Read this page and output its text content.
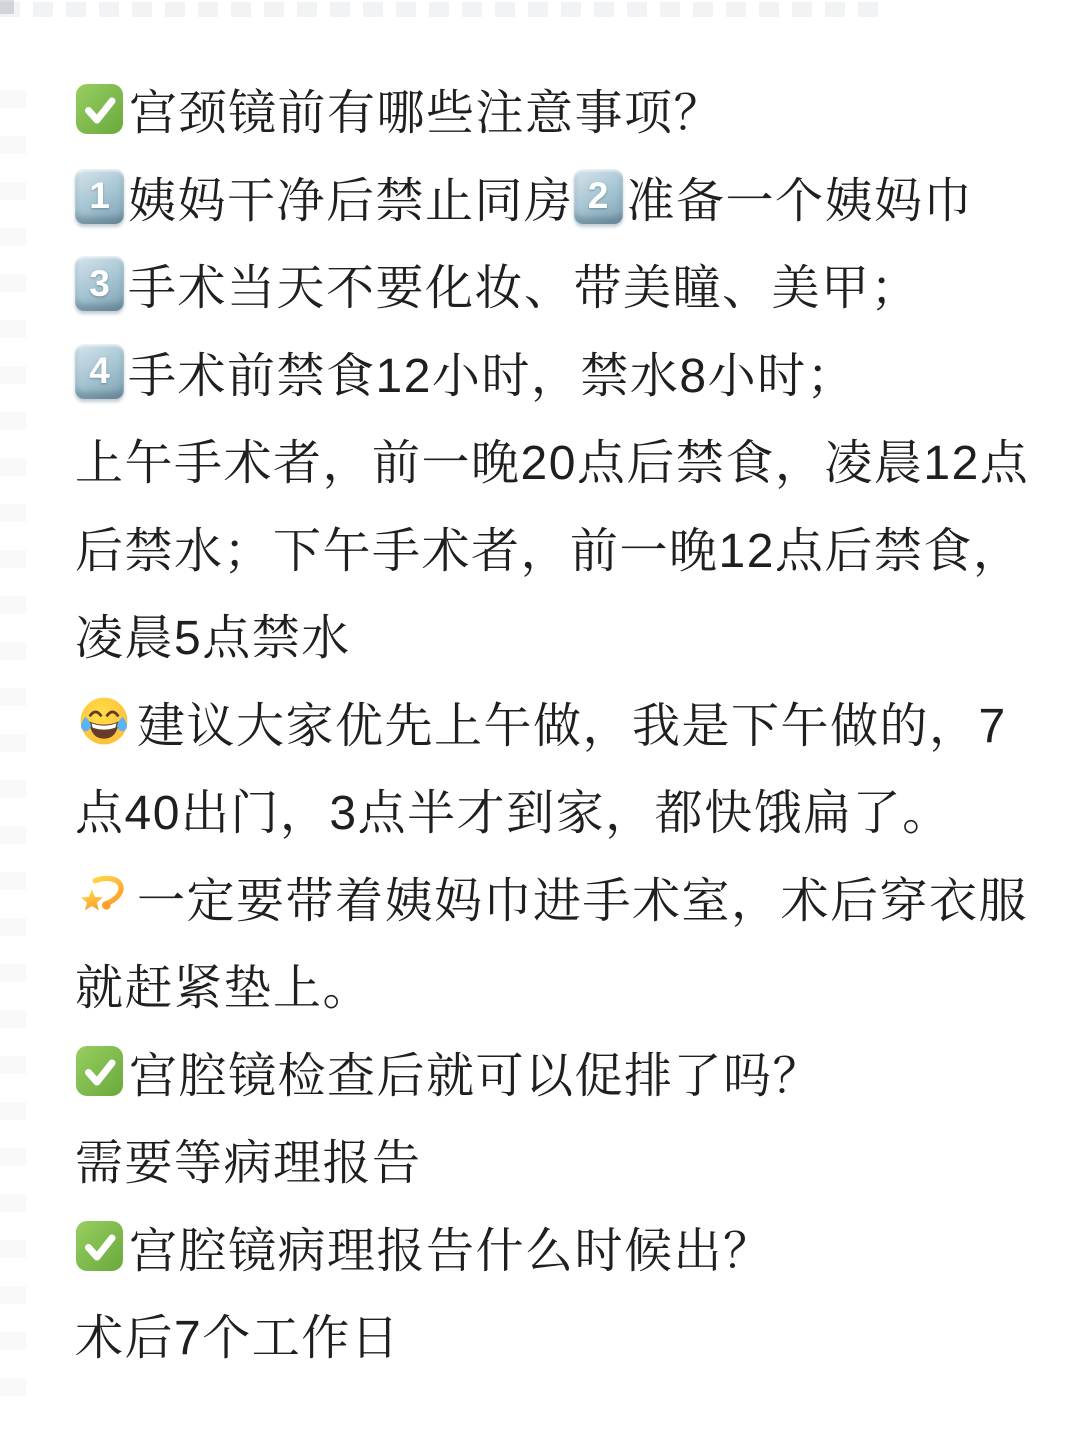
宫颈镜前有哪些注意事项？
1 姨妈干净后禁止同房 2 准备一个姨妈巾
3 手术当天不要化妆、带美瞳、美甲；
4 手术前禁食12小时，禁水8小时；
上午手术者，前一晚20点后禁食，凌晨12点
后禁水；下午手术者，前一晚12点后禁食，
凌晨5点禁水
建议大家优先上午做，我是下午做的，7
点40出门，3点半才到家，都快饿扁了。
一定要带着姨妈巾进手术室，术后穿衣服
就赶紧垫上。
宫腔镜检查后就可以促排了吗？
需要等病理报告
宫腔镜病理报告什么时候出？
术后7个工作日
